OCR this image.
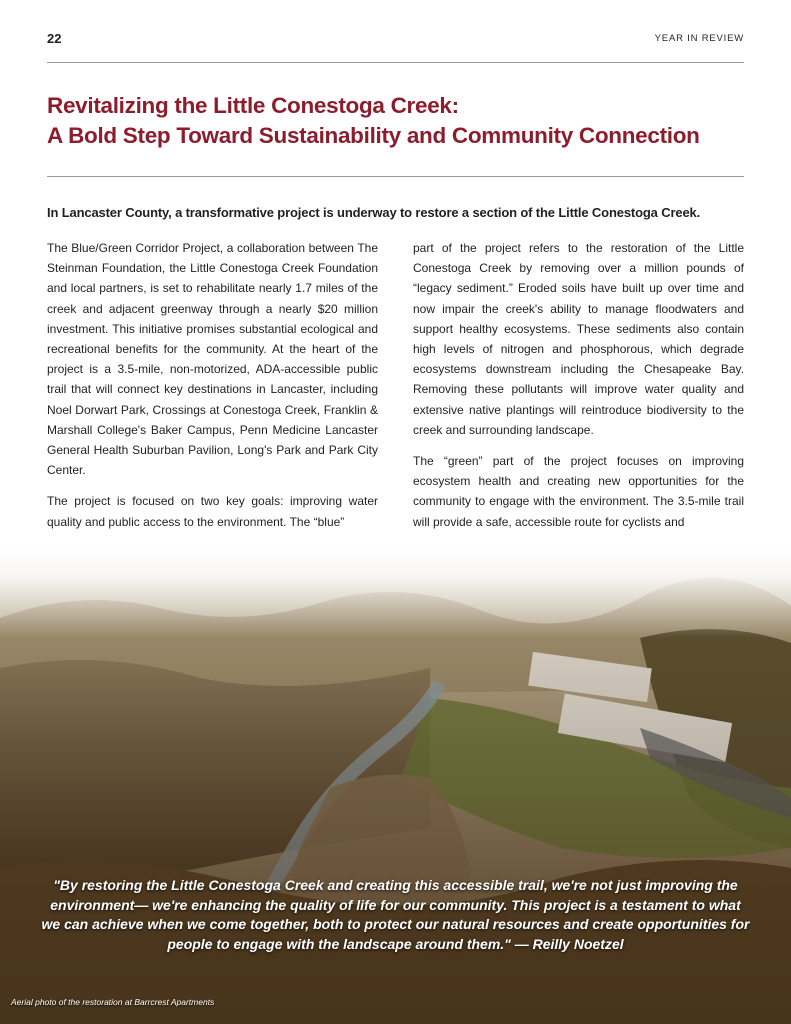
22	YEAR IN REVIEW
Revitalizing the Little Conestoga Creek:
A Bold Step Toward Sustainability and Community Connection

In Lancaster County, a transformative project is underway to restore a section of the Little Conestoga Creek.

The Blue/Green Corridor Project, a collaboration between The Steinman Foundation, the Little Conestoga Creek Foundation and local partners, is set to rehabilitate nearly 1.7 miles of the creek and adjacent greenway through a nearly $20 million investment. This initiative promises substantial ecological and recreational benefits for the community. At the heart of the project is a 3.5-mile, non-motorized, ADA-accessible public trail that will connect key destinations in Lancaster, including Noel Dorwart Park, Crossings at Conestoga Creek, Franklin & Marshall College's Baker Campus, Penn Medicine Lancaster General Health Suburban Pavilion, Long's Park and Park City Center.

The project is focused on two key goals: improving water quality and public access to the environment. The “blue”

part of the project refers to the restoration of the Little Conestoga Creek by removing over a million pounds of “legacy sediment.” Eroded soils have built up over time and now impair the creek's ability to manage floodwaters and support healthy ecosystems. These sediments also contain high levels of nitrogen and phosphorous, which degrade ecosystems downstream including the Chesapeake Bay. Removing these pollutants will improve water quality and extensive native plantings will reintroduce biodiversity to the creek and surrounding landscape.

The “green” part of the project focuses on improving ecosystem health and creating new opportunities for the community to engage with the environment. The 3.5-mile trail will provide a safe, accessible route for cyclists and

"By restoring the Little Conestoga Creek and creating this accessible trail, we're not just improving the environment— we're enhancing the quality of life for our community. This project is a testament to what we can achieve when we come together, both to protect our natural resources and create opportunities for people to engage with the landscape around them." — Reilly Noetzel

Aerial photo of the restoration at Barrcrest Apartments
